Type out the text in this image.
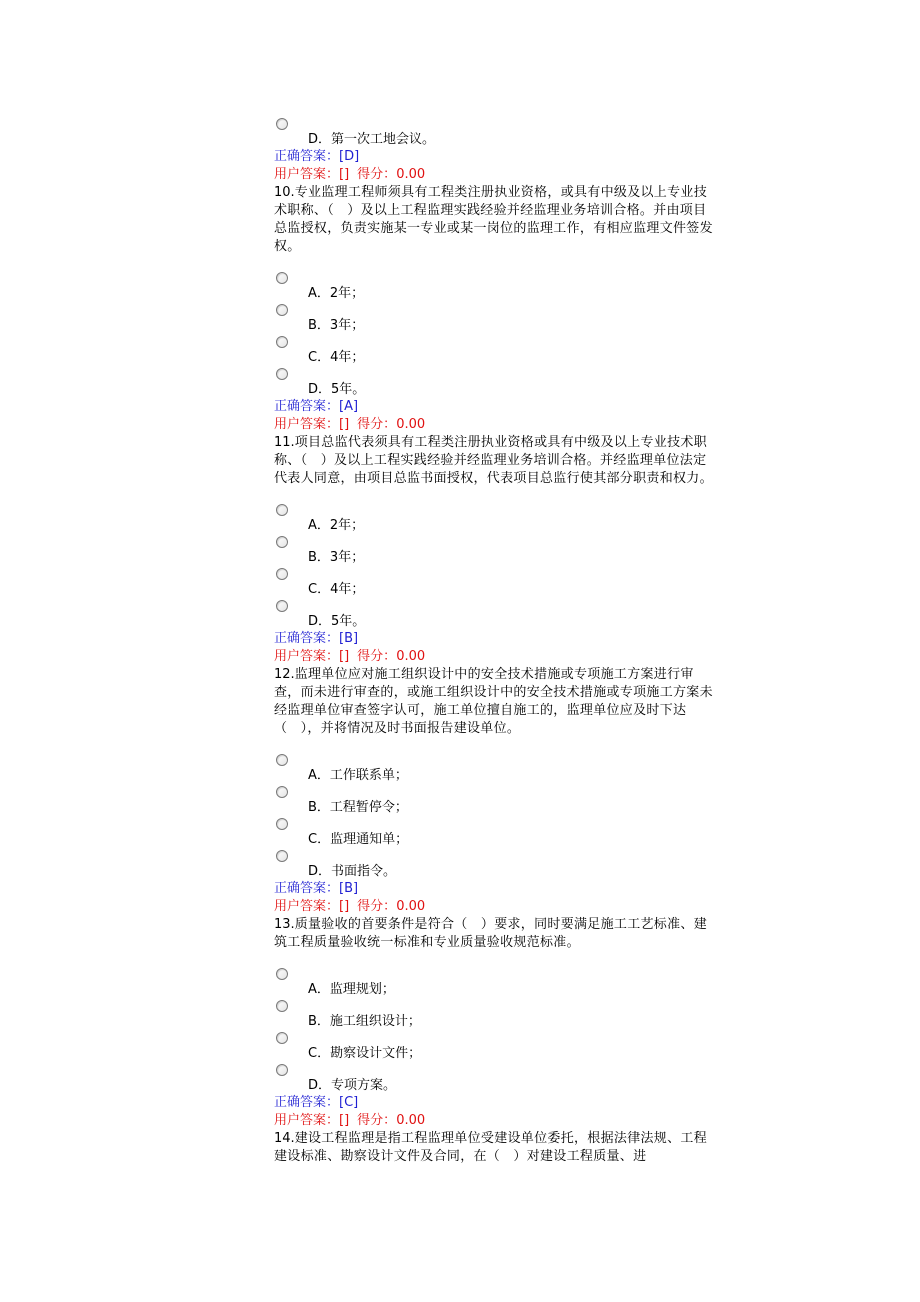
D．第一次工地会议。
正确答案：[D]
用户答案：[] 得分：0.00

10.专业监理工程师须具有工程类注册执业资格，或具有中级及以上专业技术职称、（　）及以上工程监理实践经验并经监理业务培训合格。并由项目总监授权，负责实施某一专业或某一岗位的监理工作，有相应监理文件签发权。

A．2年；
B．3年；
C．4年；
D．5年。
正确答案：[A]
用户答案：[] 得分：0.00

11.项目总监代表须具有工程类注册执业资格或具有中级及以上专业技术职称、（　）及以上工程实践经验并经监理业务培训合格。并经监理单位法定代表人同意，由项目总监书面授权，代表项目总监行使其部分职责和权力。

A．2年；
B．3年；
C．4年；
D．5年。
正确答案：[B]
用户答案：[] 得分：0.00

12.监理单位应对施工组织设计中的安全技术措施或专项施工方案进行审查，而未进行审查的，或施工组织设计中的安全技术措施或专项施工方案未经监理单位审查签字认可，施工单位擅自施工的，监理单位应及时下达（　），并将情况及时书面报告建设单位。

A．工作联系单；
B．工程暂停令；
C．监理通知单；
D．书面指令。
正确答案：[B]
用户答案：[] 得分：0.00

13.质量验收的首要条件是符合（　）要求，同时要满足施工工艺标准、建筑工程质量验收统一标准和专业质量验收规范标准。

A．监理规划；
B．施工组织设计；
C．勘察设计文件；
D．专项方案。
正确答案：[C]
用户答案：[] 得分：0.00

14.建设工程监理是指工程监理单位受建设单位委托，根据法律法规、工程建设标准、勘察设计文件及合同，在（　）对建设工程质量、进
